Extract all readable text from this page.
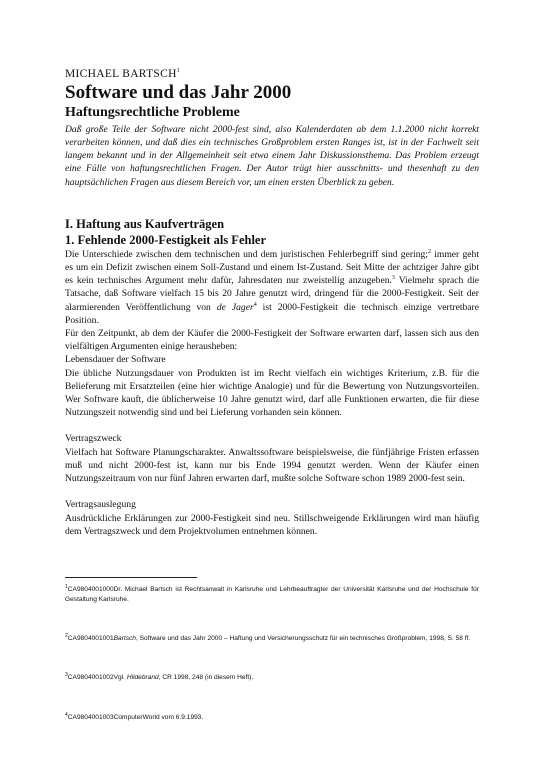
MICHAEL BARTSCH$^1$

Software und das Jahr 2000
Haftungsrechtliche Probleme

Daß große Teile der Software nicht 2000-fest sind, also Kalenderdaten ab dem 1.1.2000 nicht korrekt verarbeiten können, und daß dies ein technisches Großproblem ersten Ranges ist, ist in der Fachwelt seit langem bekannt und in der Allgemeinheit seit etwa einem Jahr Diskussionsthema. Das Problem erzeugt eine Fülle von haftungsrechtlichen Fragen. Der Autor trägt hier ausschnitts- und thesenhaft zu den hauptsächlichen Fragen aus diesem Bereich vor, um einen ersten Überblick zu geben.

I. Haftung aus Kaufverträgen
1. Fehlende 2000-Festigkeit als Fehler

Die Unterschiede zwischen dem technischen und dem juristischen Fehlerbegriff sind gering;$^2$ immer geht es um ein Defizit zwischen einem Soll-Zustand und einem Ist-Zustand. Seit Mitte der achtziger Jahre gibt es kein technisches Argument mehr dafür, Jahresdaten nur zweistellig anzugeben.$^3$ Vielmehr sprach die Tatsache, daß Software vielfach 15 bis 20 Jahre genutzt wird, dringend für die 2000-Festigkeit. Seit der alarmierenden Veröffentlichung von de Jager$^4$ ist 2000-Festigkeit die technisch einzige vertretbare Position.

Für den Zeitpunkt, ab dem der Käufer die 2000-Festigkeit der Software erwarten darf, lassen sich aus den vielfältigen Argumenten einige herausheben:

Lebensdauer der Software

Die übliche Nutzungsdauer von Produkten ist im Recht vielfach ein wichtiges Kriterium, z.B. für die Belieferung mit Ersatzteilen (eine hier wichtige Analogie) und für die Bewertung von Nutzungsvorteilen. Wer Software kauft, die üblicherweise 10 Jahre genutzt wird, darf alle Funktionen erwarten, die für diese Nutzungszeit notwendig sind und bei Lieferung vorhanden sein können.

Vertragszweck

Vielfach hat Software Planungscharakter. Anwaltssoftware beispielsweise, die fünfjährige Fristen erfassen muß und nicht 2000-fest ist, kann nur bis Ende 1994 genutzt werden. Wenn der Käufer einen Nutzungszeitraum von nur fünf Jahren erwarten darf, mußte solche Software schon 1989 2000-fest sein.

Vertragsauslegung

Ausdrückliche Erklärungen zur 2000-Festigkeit sind neu. Stillschweigende Erklärungen wird man häufig dem Vertragszweck und dem Projektvolumen entnehmen können.

$^1$CA9804001000Dr. Michael Bartsch ist Rechtsanwalt in Karlsruhe und Lehrbeauftragter der Universität Karlsruhe und der Hochschule für Gestaltung Karlsruhe.

$^2$CA9804001001Bartsch, Software und das Jahr 2000 – Haftung und Versicherungsschutz für ein technisches Großproblem, 1998, S. 58 ff.

$^3$CA9804001002Vgl. Hildebrand, CR 1998, 248 (in diesem Heft).

$^4$CA9804001003ComputerWorld vom 6.9.1993.
